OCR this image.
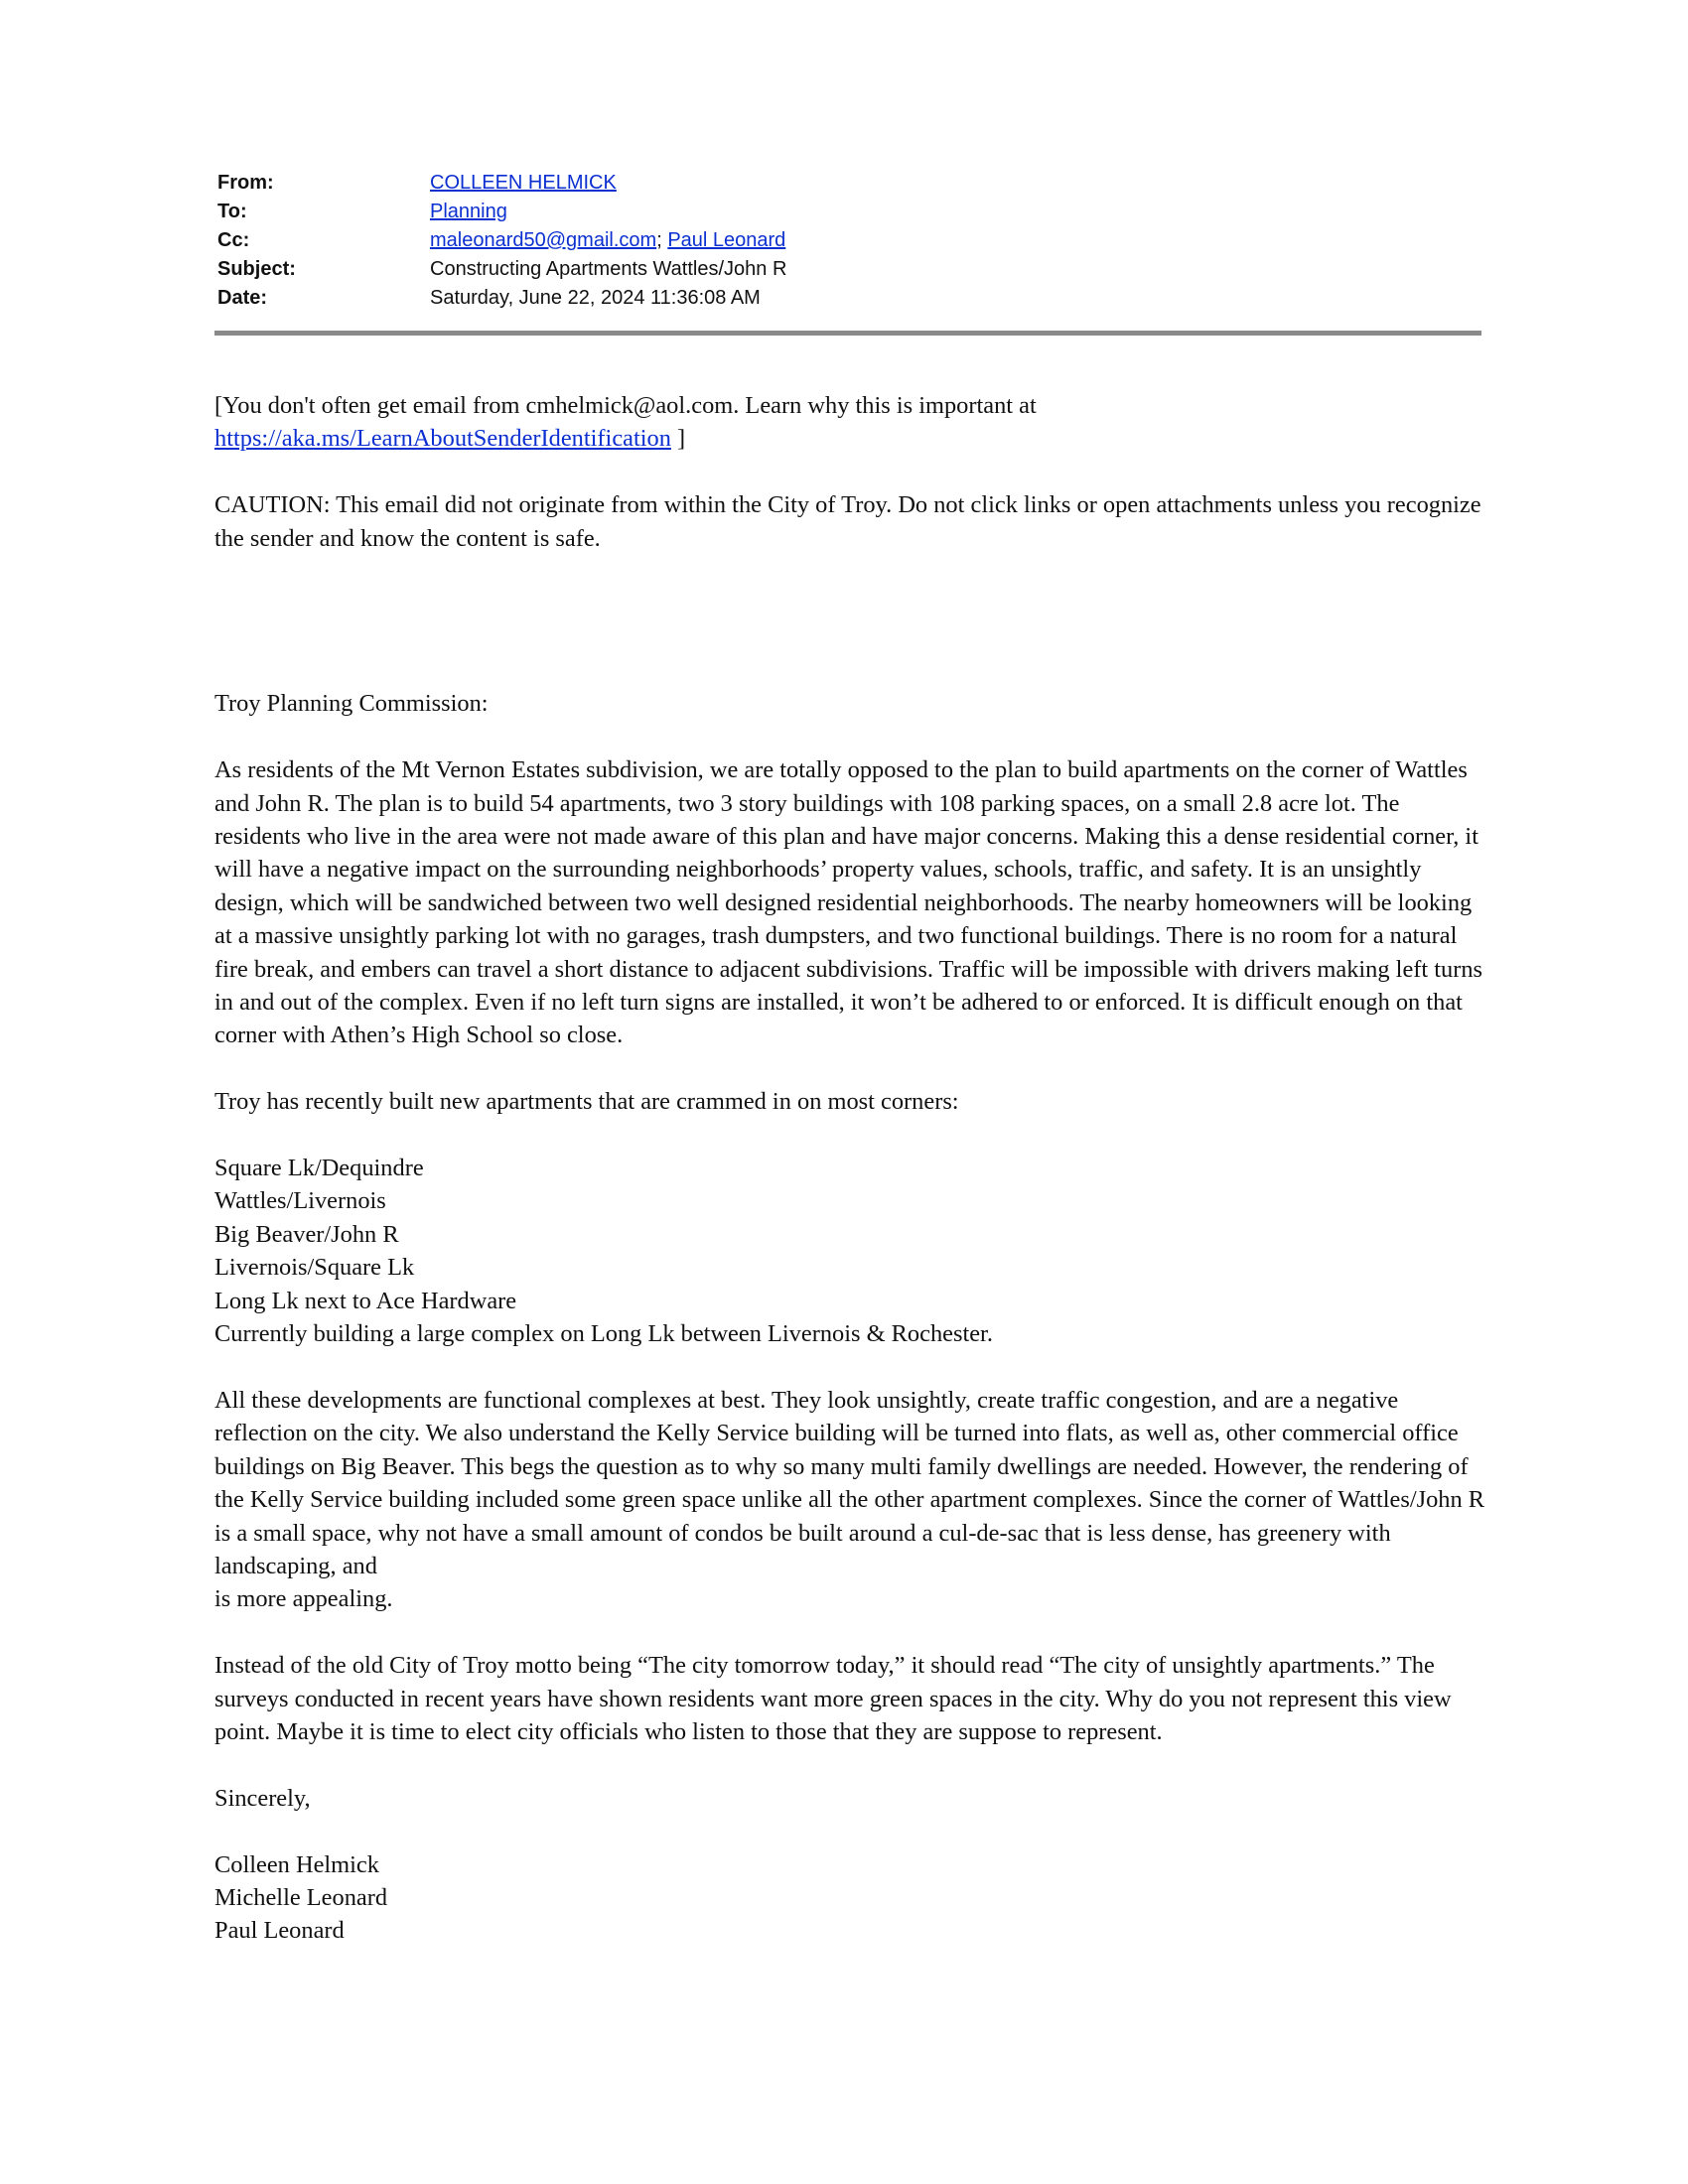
From:	COLLEEN HELMICK
To:	Planning
Cc:	maleonard50@gmail.com; Paul Leonard
Subject:	Constructing Apartments Wattles/John R
Date:	Saturday, June 22, 2024 11:36:08 AM

[You don't often get email from cmhelmick@aol.com. Learn why this is important at
https://aka.ms/LearnAboutSenderIdentification ]

CAUTION: This email did not originate from within the City of Troy. Do not click links or open attachments unless you recognize the sender and know the content is safe.

Troy Planning Commission:

As residents of the Mt Vernon Estates subdivision, we are totally opposed to the plan to build apartments on the corner of Wattles and John R. The plan is to build 54 apartments, two 3 story buildings with 108 parking spaces, on a small 2.8 acre lot. The residents who live in the area were not made aware of this plan and have major concerns. Making this a dense residential corner, it will have a negative impact on the surrounding neighborhoods’ property values, schools, traffic, and safety. It is an unsightly design, which will be sandwiched between two well designed residential neighborhoods. The nearby homeowners will be looking at a massive unsightly parking lot with no garages, trash dumpsters, and two functional buildings. There is no room for a natural fire break, and embers can travel a short distance to adjacent subdivisions. Traffic will be impossible with drivers making left turns in and out of the complex. Even if no left turn signs are installed, it won’t be adhered to or enforced. It is difficult enough on that corner with Athen’s High School so close.

Troy has recently built new apartments that are crammed in on most corners:

Square Lk/Dequindre
Wattles/Livernois
Big Beaver/John R
Livernois/Square Lk
Long Lk next to Ace Hardware
Currently building a large complex on Long Lk between Livernois & Rochester.

All these developments are functional complexes at best. They look unsightly, create traffic congestion, and are a negative reflection on the city. We also understand the Kelly Service building will be turned into flats, as well as, other commercial office buildings on Big Beaver. This begs the question as to why so many multi family dwellings are needed. However, the rendering of the Kelly Service building included some green space unlike all the other apartment complexes. Since the corner of Wattles/John R is a small space, why not have a small amount of condos be built around a cul-de-sac that is less dense, has greenery with landscaping, and
is more appealing.

Instead of the old City of Troy motto being “The city tomorrow today,” it should read “The city of unsightly apartments.” The surveys conducted in recent years have shown residents want more green spaces in the city. Why do you not represent this view point. Maybe it is time to elect city officials who listen to those that they are suppose to represent.

Sincerely,

Colleen Helmick
Michelle Leonard
Paul Leonard
